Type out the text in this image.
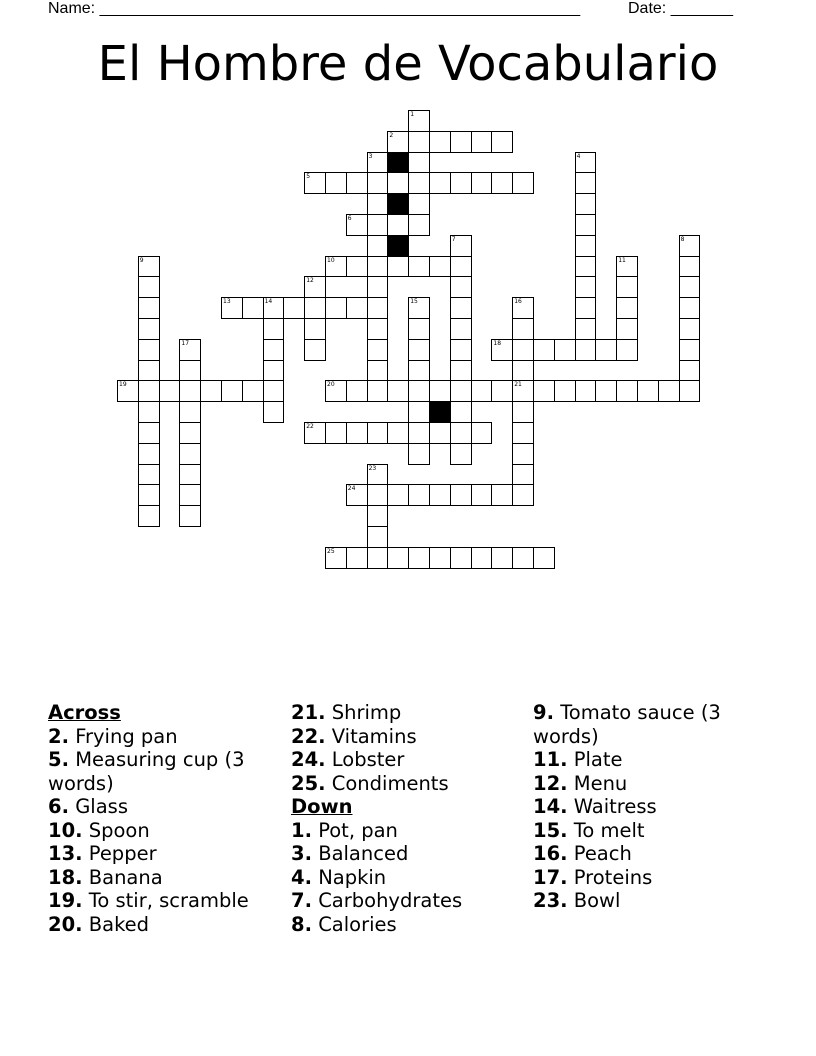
Name: ______________________________________________________	Date: _______
El Hombre de Vocabulario
2
5
6
10
13	14
18
19	20	21
22
24
25
1
3	4
7	8
9	11
12
15	16
17
23

Across

2. Frying pan

5. Measuring cup (3 words)

6. Glass

10. Spoon

13. Pepper

18. Banana

19. To stir, scramble

20. Baked

21. Shrimp

22. Vitamins

24. Lobster

25. Condiments

Down

1. Pot, pan

3. Balanced

4. Napkin

7. Carbohydrates

8. Calories

9. Tomato sauce (3 words)

11. Plate

12. Menu

14. Waitress

15. To melt

16. Peach

17. Proteins

23. Bowl
